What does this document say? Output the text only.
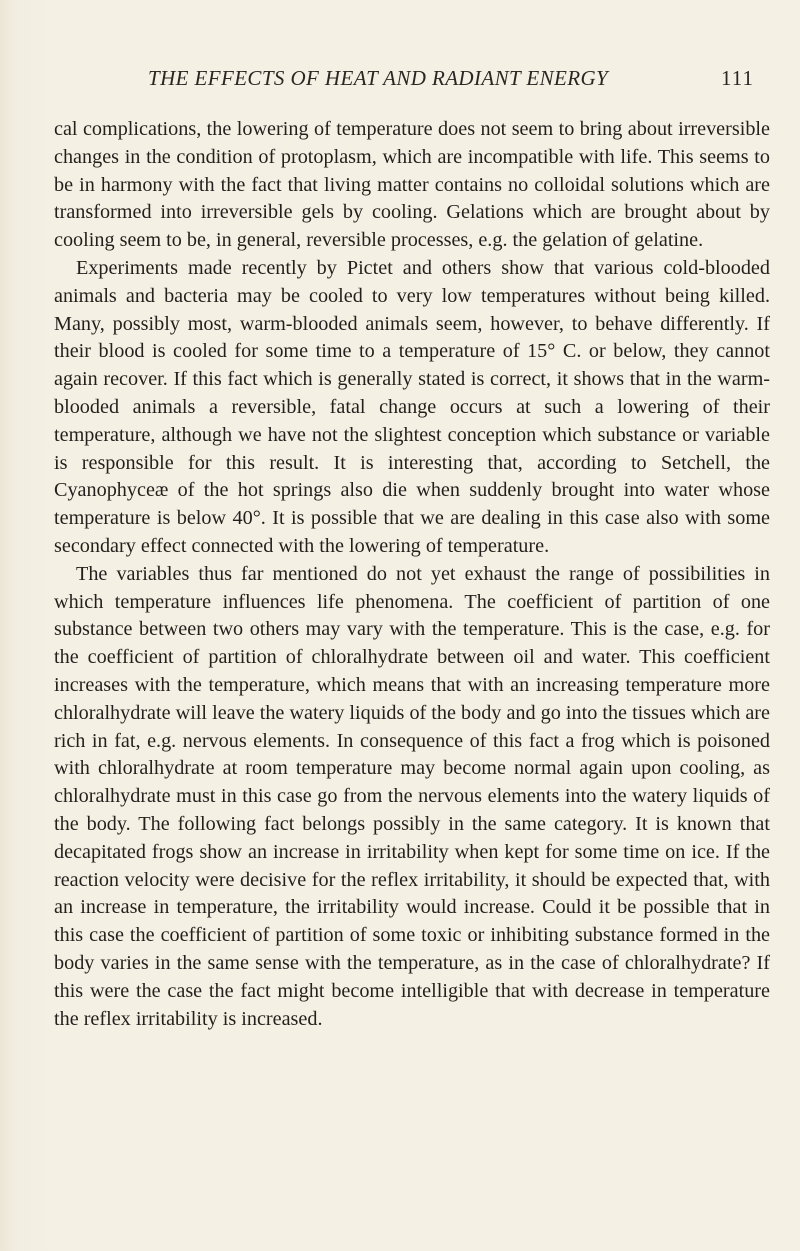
THE EFFECTS OF HEAT AND RADIANT ENERGY	111

cal complications, the lowering of temperature does not seem to bring about irreversible changes in the condition of protoplasm, which are incompatible with life. This seems to be in harmony with the fact that living matter contains no colloidal solutions which are transformed into irreversible gels by cooling. Gelations which are brought about by cooling seem to be, in general, reversible processes, e.g. the gelation of gelatine.

Experiments made recently by Pictet and others show that various cold-blooded animals and bacteria may be cooled to very low temperatures without being killed. Many, possibly most, warm-blooded animals seem, however, to behave differently. If their blood is cooled for some time to a temperature of 15° C. or below, they cannot again recover. If this fact which is generally stated is correct, it shows that in the warm-blooded animals a reversible, fatal change occurs at such a lowering of their temperature, although we have not the slightest conception which substance or variable is responsible for this result. It is interesting that, according to Setchell, the Cyanophyceæ of the hot springs also die when suddenly brought into water whose temperature is below 40°. It is possible that we are dealing in this case also with some secondary effect connected with the lowering of temperature.

The variables thus far mentioned do not yet exhaust the range of possibilities in which temperature influences life phenomena. The coefficient of partition of one substance between two others may vary with the temperature. This is the case, e.g. for the coefficient of partition of chloralhydrate between oil and water. This coefficient increases with the temperature, which means that with an increasing temperature more chloralhydrate will leave the watery liquids of the body and go into the tissues which are rich in fat, e.g. nervous elements. In consequence of this fact a frog which is poisoned with chloralhydrate at room temperature may become normal again upon cooling, as chloralhydrate must in this case go from the nervous elements into the watery liquids of the body. The following fact belongs possibly in the same category. It is known that decapitated frogs show an increase in irritability when kept for some time on ice. If the reaction velocity were decisive for the reflex irritability, it should be expected that, with an increase in temperature, the irritability would increase. Could it be possible that in this case the coefficient of partition of some toxic or inhibiting substance formed in the body varies in the same sense with the temperature, as in the case of chloralhydrate? If this were the case the fact might become intelligible that with decrease in temperature the reflex irritability is increased.
